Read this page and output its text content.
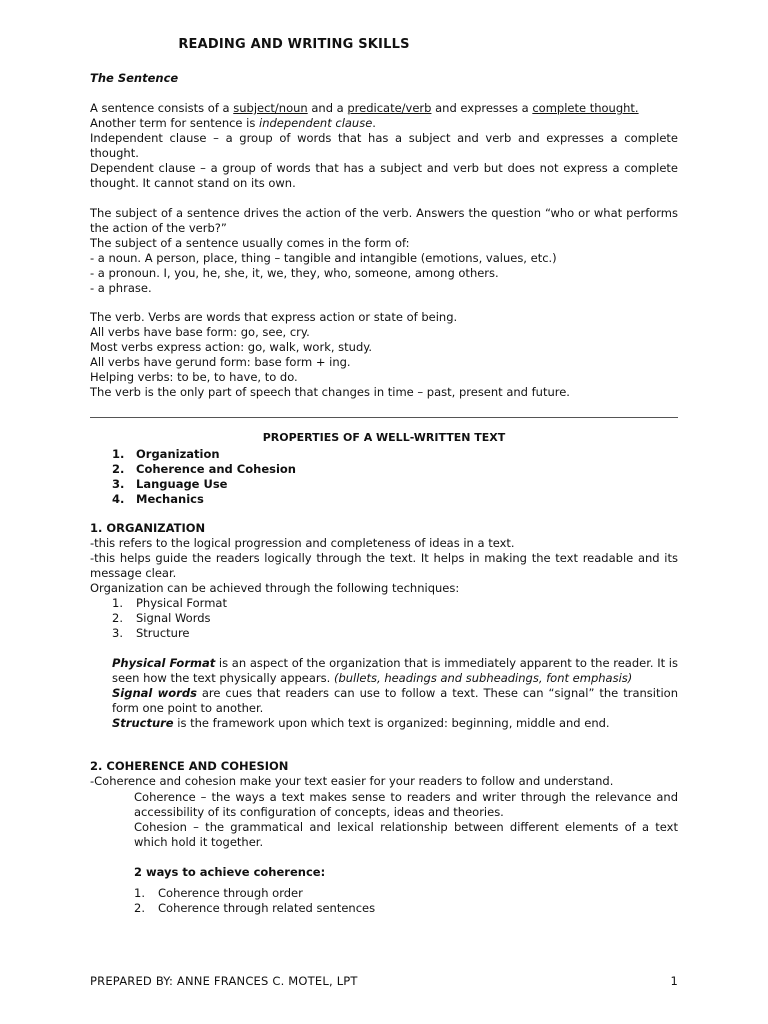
READING AND WRITING SKILLS
The Sentence

A sentence consists of a subject/noun and a predicate/verb and expresses a complete thought.

Another term for sentence is independent clause.

Independent clause – a group of words that has a subject and verb and expresses a complete thought.

Dependent clause – a group of words that has a subject and verb but does not express a complete thought. It cannot stand on its own.

The subject of a sentence drives the action of the verb. Answers the question “who or what performs the action of the verb?”

The subject of a sentence usually comes in the form of:

- a noun. A person, place, thing – tangible and intangible (emotions, values, etc.)

- a pronoun. I, you, he, she, it, we, they, who, someone, among others.

- a phrase.

The verb. Verbs are words that express action or state of being.

All verbs have base form: go, see, cry.

Most verbs express action: go, walk, work, study.

All verbs have gerund form: base form + ing.

Helping verbs: to be, to have, to do.

The verb is the only part of speech that changes in time – past, present and future.

PROPERTIES OF A WELL-WRITTEN TEXT
1.	Organization
2.	Coherence and Cohesion
3.	Language Use
4.	Mechanics

1. ORGANIZATION

-this refers to the logical progression and completeness of ideas in a text.

-this helps guide the readers logically through the text. It helps in making the text readable and its message clear.

Organization can be achieved through the following techniques:

1.	Physical Format
2.	Signal Words
3.	Structure

Physical Format is an aspect of the organization that is immediately apparent to the reader. It is seen how the text physically appears. (bullets, headings and subheadings, font emphasis)

Signal words are cues that readers can use to follow a text. These can “signal” the transition form one point to another.

Structure is the framework upon which text is organized: beginning, middle and end.

2. COHERENCE AND COHESION

-Coherence and cohesion make your text easier for your readers to follow and understand.

Coherence – the ways a text makes sense to readers and writer through the relevance and accessibility of its configuration of concepts, ideas and theories.

Cohesion – the grammatical and lexical relationship between different elements of a text which hold it together.

2 ways to achieve coherence:
1.	Coherence through order
2.	Coherence through related sentences
PREPARED BY: ANNE FRANCES C. MOTEL, LPT	1
